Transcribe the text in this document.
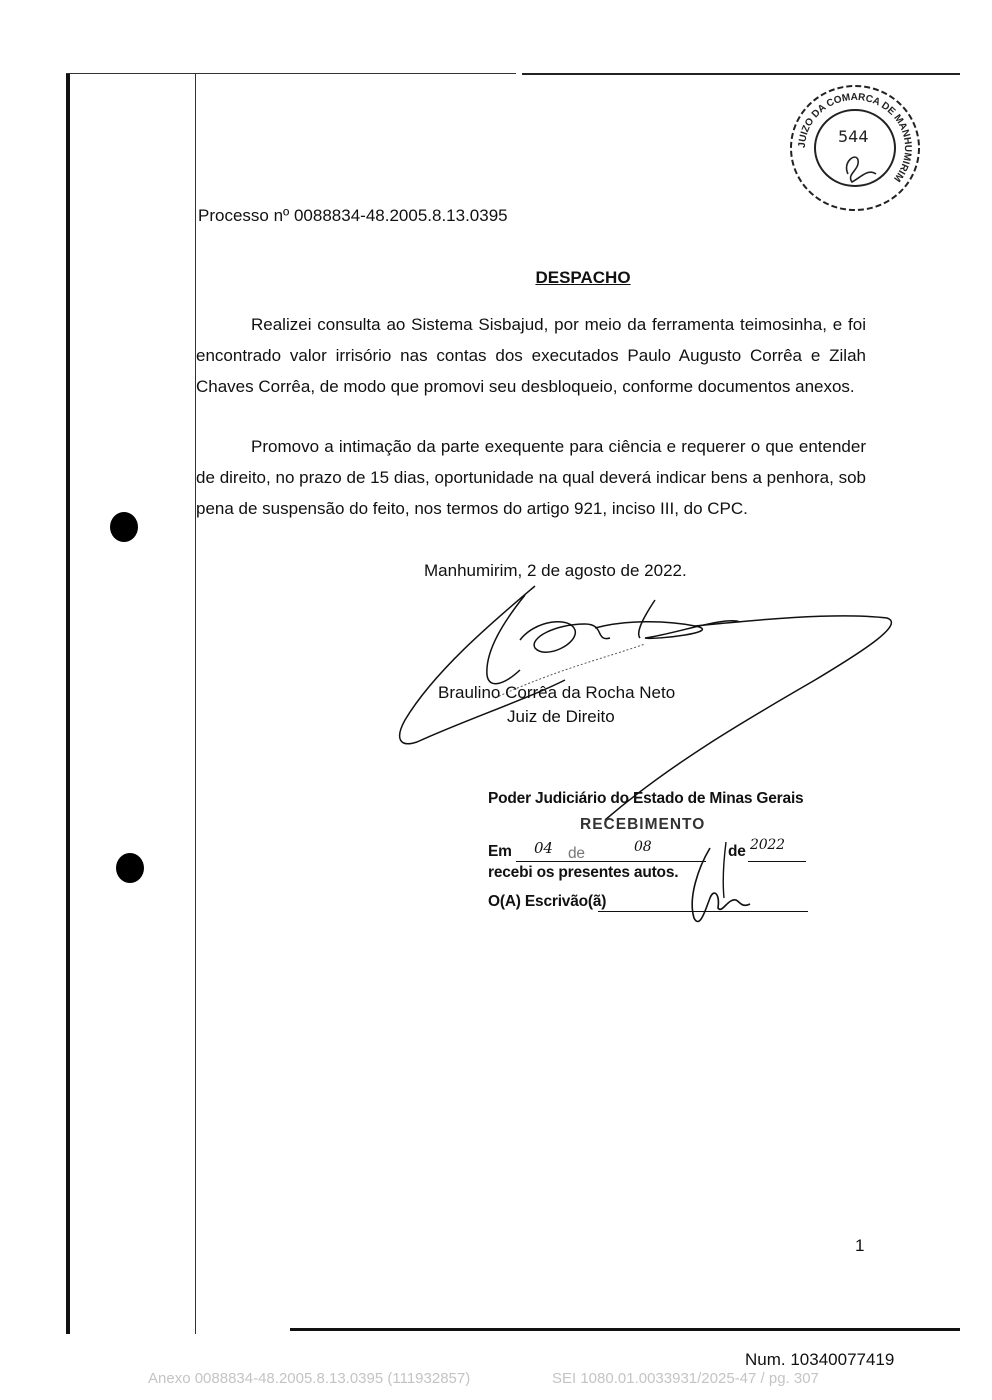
JUIZO DA COMARCA DE MANHUMIRIM
544
Processo nº 0088834-48.2005.8.13.0395
DESPACHO
Realizei consulta ao Sistema Sisbajud, por meio da ferramenta teimosinha, e foi encontrado valor irrisório nas contas dos executados Paulo Augusto Corrêa e Zilah Chaves Corrêa, de modo que promovi seu desbloqueio, conforme documentos anexos.
Promovo a intimação da parte exequente para ciência e requerer o que entender de direito, no prazo de 15 dias, oportunidade na qual deverá indicar bens a penhora, sob pena de suspensão do feito, nos termos do artigo 921, inciso III, do CPC.
Manhumirim, 2 de agosto de 2022.
Braulino Corrêa da Rocha Neto
Juiz de Direito
Poder Judiciário do Estado de Minas Gerais
RECEBIMENTO
Em 04 de	08	de 2022
recebi os presentes autos.
O(A) Escrivão(ã)
1
Num. 10340077419
Anexo 0088834-48.2005.8.13.0395 (111932857)	SEI 1080.01.0033931/2025-47 / pg. 307
